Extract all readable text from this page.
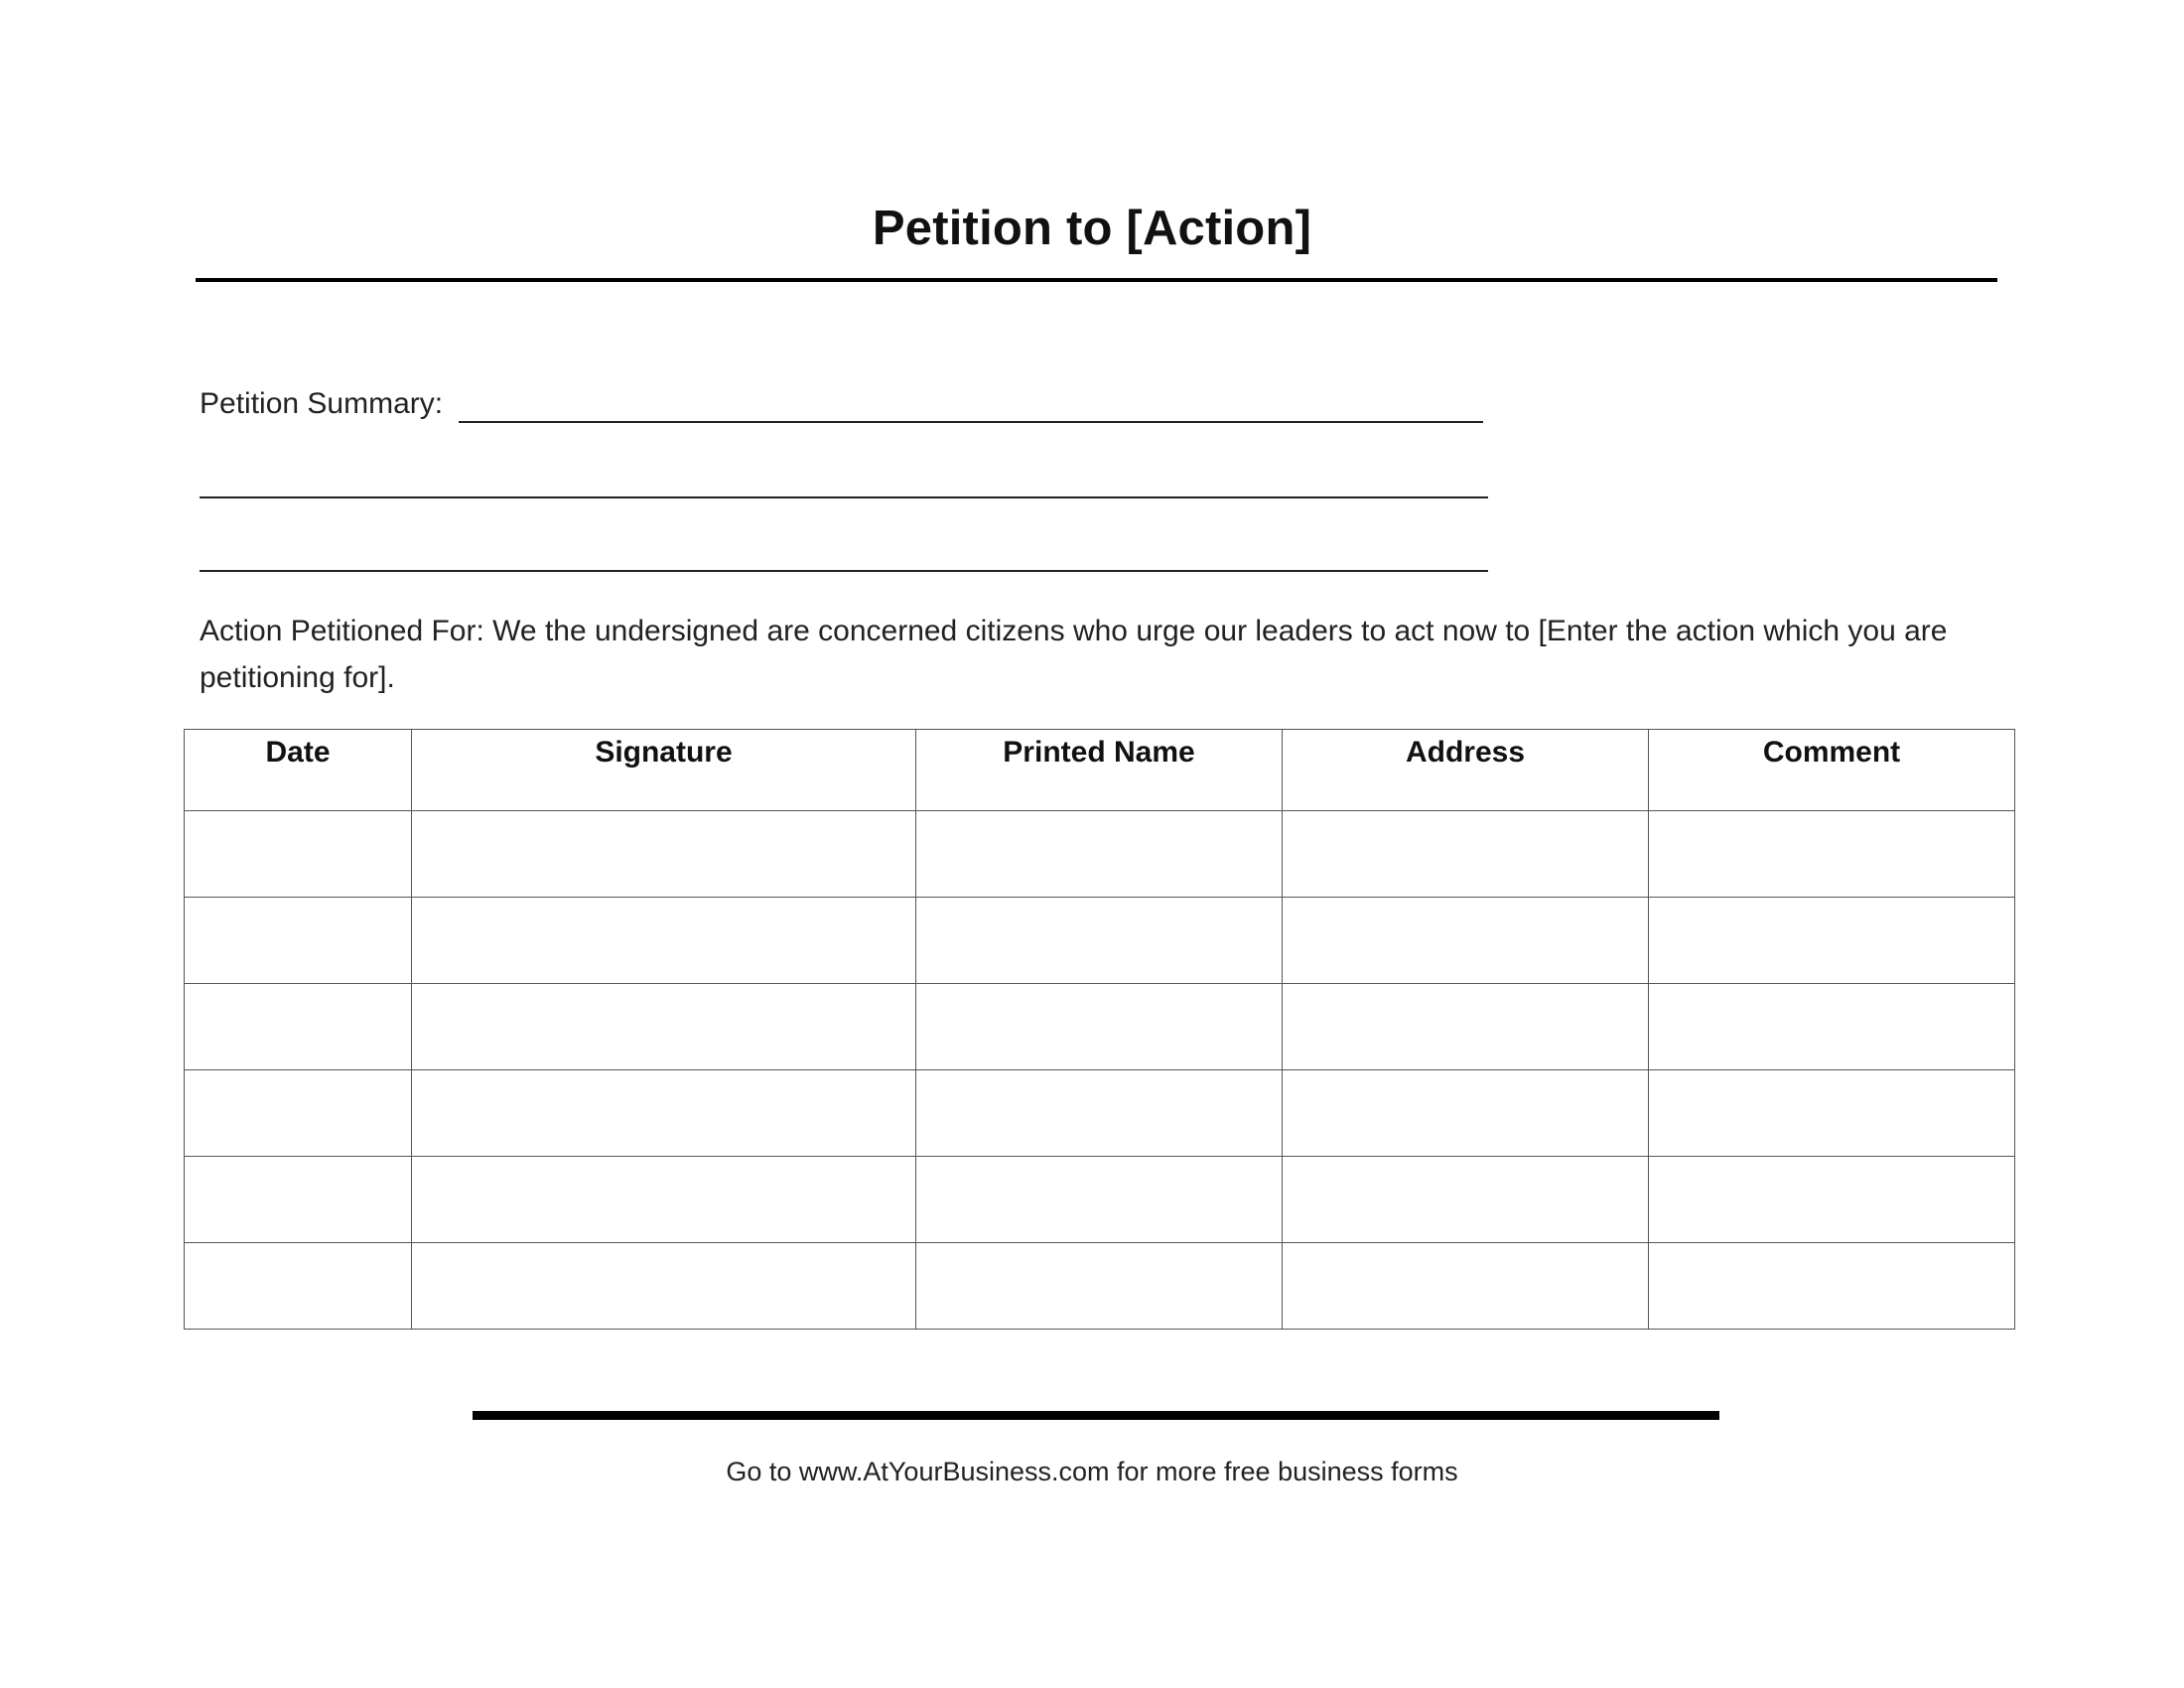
Petition to [Action]
Petition Summary:
Action Petitioned For: We the undersigned are concerned citizens who urge our leaders to act now to [Enter the action which you are petitioning for].
Date	Signature	Printed Name	Address	Comment

Go to www.AtYourBusiness.com for more free business forms
